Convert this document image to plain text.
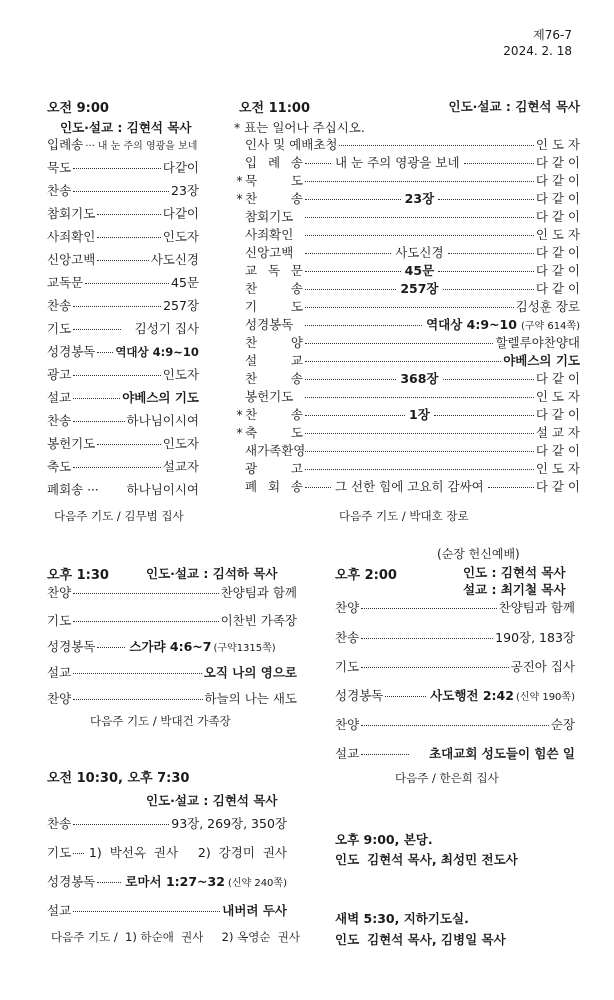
제76-7
2024. 2. 18
오전 9:00
인도·설교 : 김현석 목사
입례송 ··· 내 눈 주의 영광을 보네
묵도	다같이
찬송	23장
참회기도	다같이
사죄확인	인도자
신앙고백	사도신경
교독문	45문
찬송	257장
기도	김성기 집사
성경봉독 역대상 4:9~10
광고	인도자
설교	야베스의 기도
찬송	하나님이시여
봉헌기도	인도자
축도	설교자
폐회송 ···	하나님이시여
다음주 기도 / 김무범 집사
오전 11:00	인도·설교 : 김현석 목사
* 표는 일어나 주십시오.
인사 및 예배초청	인 도 자
입 례 송	내 눈 주의 영광을 보네	다 같 이
* 묵 도	다 같 이
* 찬 송	23장	다 같 이
참회기도	다 같 이
사죄확인	인 도 자
신앙고백	사도신경	다 같 이
교 독 문	45문	다 같 이
찬 송	257장	다 같 이
기 도	김성훈 장로
성경봉독	역대상 4:9~10 (구약 614쪽)
찬 양	할렐루야찬양대
설 교	야베스의 기도
찬 송	368장	다 같 이
봉헌기도	인 도 자
* 찬 송	1장	다 같 이
* 축 도	설 교 자
새가족환영	다 같 이
광 고	인 도 자
폐 회 송	그 선한 힘에 고요히 감싸여	다 같 이
다음주 기도 / 박대호 장로
오후 1:30	인도·설교 : 김석하 목사
찬양	찬양팀과 함께
기도	이찬빈 가족장
성경봉독	스가랴 4:6~7 (구약1315쪽)
설교	오직 나의 영으로
찬양	하늘의 나는 새도
다음주 기도 / 박대건 가족장
(순장 헌신예배)
오후 2:00	인도 : 김현석 목사
설교 : 최기철 목사
찬양	찬양팀과 함께
찬송	190장, 183장
기도	공진아 집사
성경봉독	사도행전 2:42 (신약 190쪽)
찬양	순장
설교	초대교회 성도들이 힘쓴 일
다음주 / 한은희 집사
오전 10:30, 오후 7:30
인도·설교 : 김현석 목사
찬송	93장, 269장, 350장
기도 1)  박선옥  권사     2)  강경미  권사
성경봉독 로마서 1:27~32 (신약 240쪽)
설교	내버려 두사
다음주 기도 /  1) 하순애  권사     2) 옥영순  권사
오후 9:00, 본당.
인도 김현석 목사, 최성민 전도사
새벽 5:30, 지하기도실.
인도 김현석 목사, 김병일 목사
